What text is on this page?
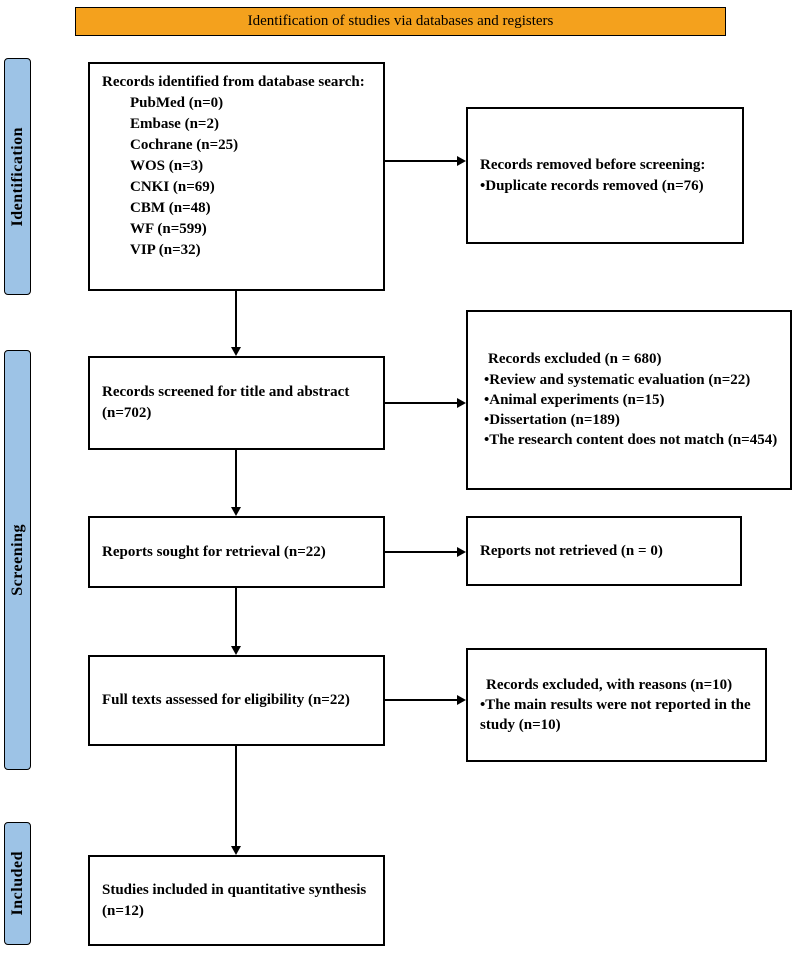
Identification of studies via databases and registers
Identification
Screening
Included
Records identified from database search:
PubMed (n=0)
Embase (n=2)
Cochrane (n=25)
WOS (n=3)
CNKI (n=69)
CBM (n=48)
WF (n=599)
VIP (n=32)
Records screened for title and abstract (n=702)
Reports sought for retrieval (n=22)
Full texts assessed for eligibility (n=22)
Studies included in quantitative synthesis (n=12)

Records removed before screening:

•Duplicate records removed (n=76)

Records excluded (n = 680)

•Review and systematic evaluation (n=22)

•Animal experiments (n=15)

•Dissertation (n=189)

•The research content does not match (n=454)

Reports not retrieved (n = 0)

Records excluded, with reasons (n=10)

•The main results were not reported in the study (n=10)
